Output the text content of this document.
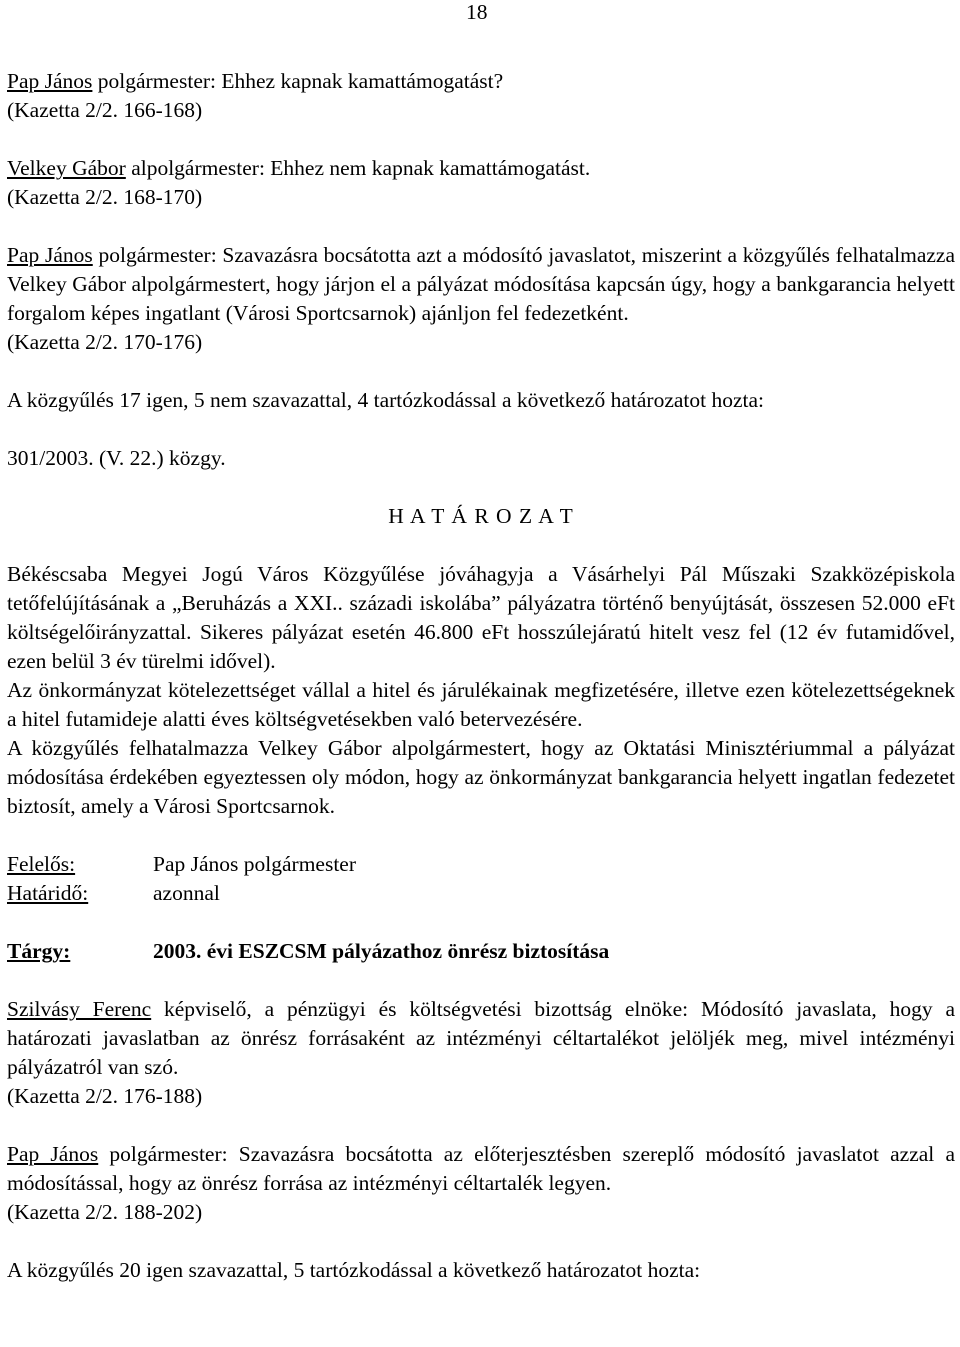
18

Pap János polgármester: Ehhez kapnak kamattámogatást?

(Kazetta 2/2. 166-168)

Velkey Gábor alpolgármester: Ehhez nem kapnak kamattámogatást.

(Kazetta 2/2. 168-170)

Pap János polgármester: Szavazásra bocsátotta azt a módosító javaslatot, miszerint a közgyűlés felhatalmazza Velkey Gábor alpolgármestert, hogy járjon el a pályázat módosítása kapcsán úgy, hogy a bankgarancia helyett forgalom képes ingatlant (Városi Sportcsarnok) ajánljon fel fedezetként.

(Kazetta 2/2. 170-176)

A közgyűlés 17 igen, 5 nem szavazattal, 4 tartózkodással a következő határozatot hozta:

301/2003. (V. 22.) közgy.

H A T Á R O Z A T

Békéscsaba Megyei Jogú Város Közgyűlése jóváhagyja a Vásárhelyi Pál Műszaki Szakközépiskola tetőfelújításának a „Beruházás a XXI.. századi iskolába” pályázatra történő benyújtását, összesen 52.000 eFt költségelőirányzattal. Sikeres pályázat esetén 46.800 eFt hosszúlejáratú hitelt vesz fel (12 év futamidővel, ezen belül 3 év türelmi idővel).

Az önkormányzat kötelezettséget vállal a hitel és járulékainak megfizetésére, illetve ezen kötelezettségeknek a hitel futamideje alatti éves költségvetésekben való betervezésére.

A közgyűlés felhatalmazza Velkey Gábor alpolgármestert, hogy az Oktatási Minisztériummal a pályázat módosítása érdekében egyeztessen oly módon, hogy az önkormányzat bankgarancia helyett ingatlan fedezetet biztosít, amely a Városi Sportcsarnok.

Felelős:	Pap János polgármester
Határidő:	azonnal
Tárgy:	2003. évi ESZCSM pályázathoz önrész biztosítása

Szilvásy Ferenc képviselő, a pénzügyi és költségvetési bizottság elnöke: Módosító javaslata, hogy a határozati javaslatban az önrész forrásaként az intézményi céltartalékot jelöljék meg, mivel intézményi pályázatról van szó.

(Kazetta 2/2. 176-188)

Pap János polgármester: Szavazásra bocsátotta az előterjesztésben szereplő módosító javaslatot azzal a módosítással, hogy az önrész forrása az intézményi céltartalék legyen.

(Kazetta 2/2. 188-202)

A közgyűlés 20 igen szavazattal, 5 tartózkodással a következő határozatot hozta:
